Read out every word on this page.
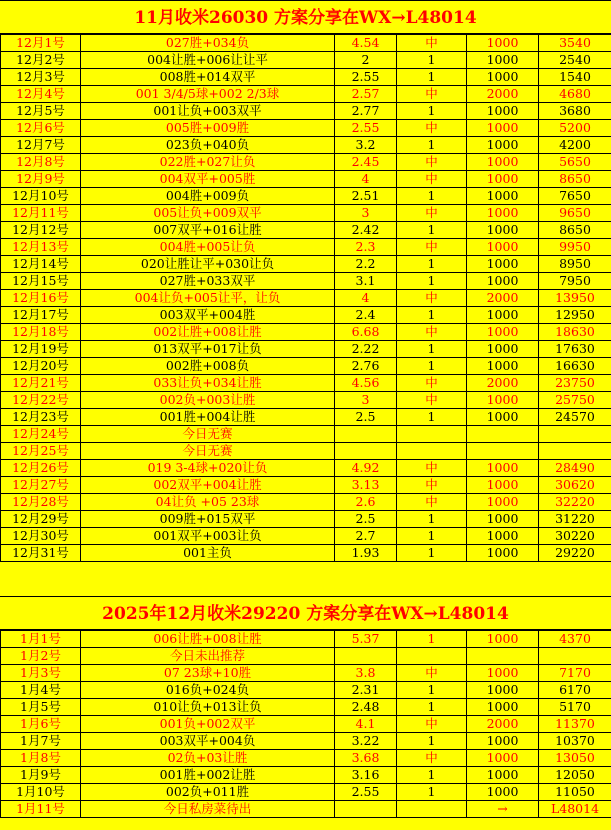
11月收米26030 方案分享在WX→L48014
12月1号	027胜+034负	4.54	中	1000	3540
12月2号	004让胜+006让让平	2	1	1000	2540
12月3号	008胜+014双平	2.55	1	1000	1540
12月4号	001 3/4/5球+002 2/3球	2.57	中	2000	4680
12月5号	001让负+003双平	2.77	1	1000	3680
12月6号	005胜+009胜	2.55	中	1000	5200
12月7号	023负+040负	3.2	1	1000	4200
12月8号	022胜+027让负	2.45	中	1000	5650
12月9号	004双平+005胜	4	中	1000	8650
12月10号	004胜+009负	2.51	1	1000	7650
12月11号	005让负+009双平	3	中	1000	9650
12月12号	007双平+016让胜	2.42	1	1000	8650
12月13号	004胜+005让负	2.3	中	1000	9950
12月14号	020让胜让平+030让负	2.2	1	1000	8950
12月15号	027胜+033双平	3.1	1	1000	7950
12月16号	004让负+005让平，让负	4	中	2000	13950
12月17号	003双平+004胜	2.4	1	1000	12950
12月18号	002让胜+008让胜	6.68	中	1000	18630
12月19号	013双平+017让负	2.22	1	1000	17630
12月20号	002胜+008负	2.76	1	1000	16630
12月21号	033让负+034让胜	4.56	中	2000	23750
12月22号	002负+003让胜	3	中	1000	25750
12月23号	001胜+004让胜	2.5	1	1000	24570
12月24号	今日无赛				
12月25号	今日无赛				
12月26号	019 3-4球+020让负	4.92	中	1000	28490
12月27号	002双平+004让胜	3.13	中	1000	30620
12月28号	04让负 +05 23球	2.6	中	1000	32220
12月29号	009胜+015双平	2.5	1	1000	31220
12月30号	001双平+003让负	2.7	1	1000	30220
12月31号	001主负	1.93	1	1000	29220
2025年12月收米29220 方案分享在WX→L48014
1月1号	006让胜+008让胜	5.37	1	1000	4370
1月2号	今日未出推荐				
1月3号	07 23球+10胜	3.8	中	1000	7170
1月4号	016负+024负	2.31	1	1000	6170
1月5号	010让负+013让负	2.48	1	1000	5170
1月6号	001负+002双平	4.1	中	2000	11370
1月7号	003双平+004负	3.22	1	1000	10370
1月8号	02负+03让胜	3.68	中	1000	13050
1月9号	001胜+002让胜	3.16	1	1000	12050
1月10号	002负+011胜	2.55	1	1000	11050
1月11号	今日私房菜待出			→	L48014
